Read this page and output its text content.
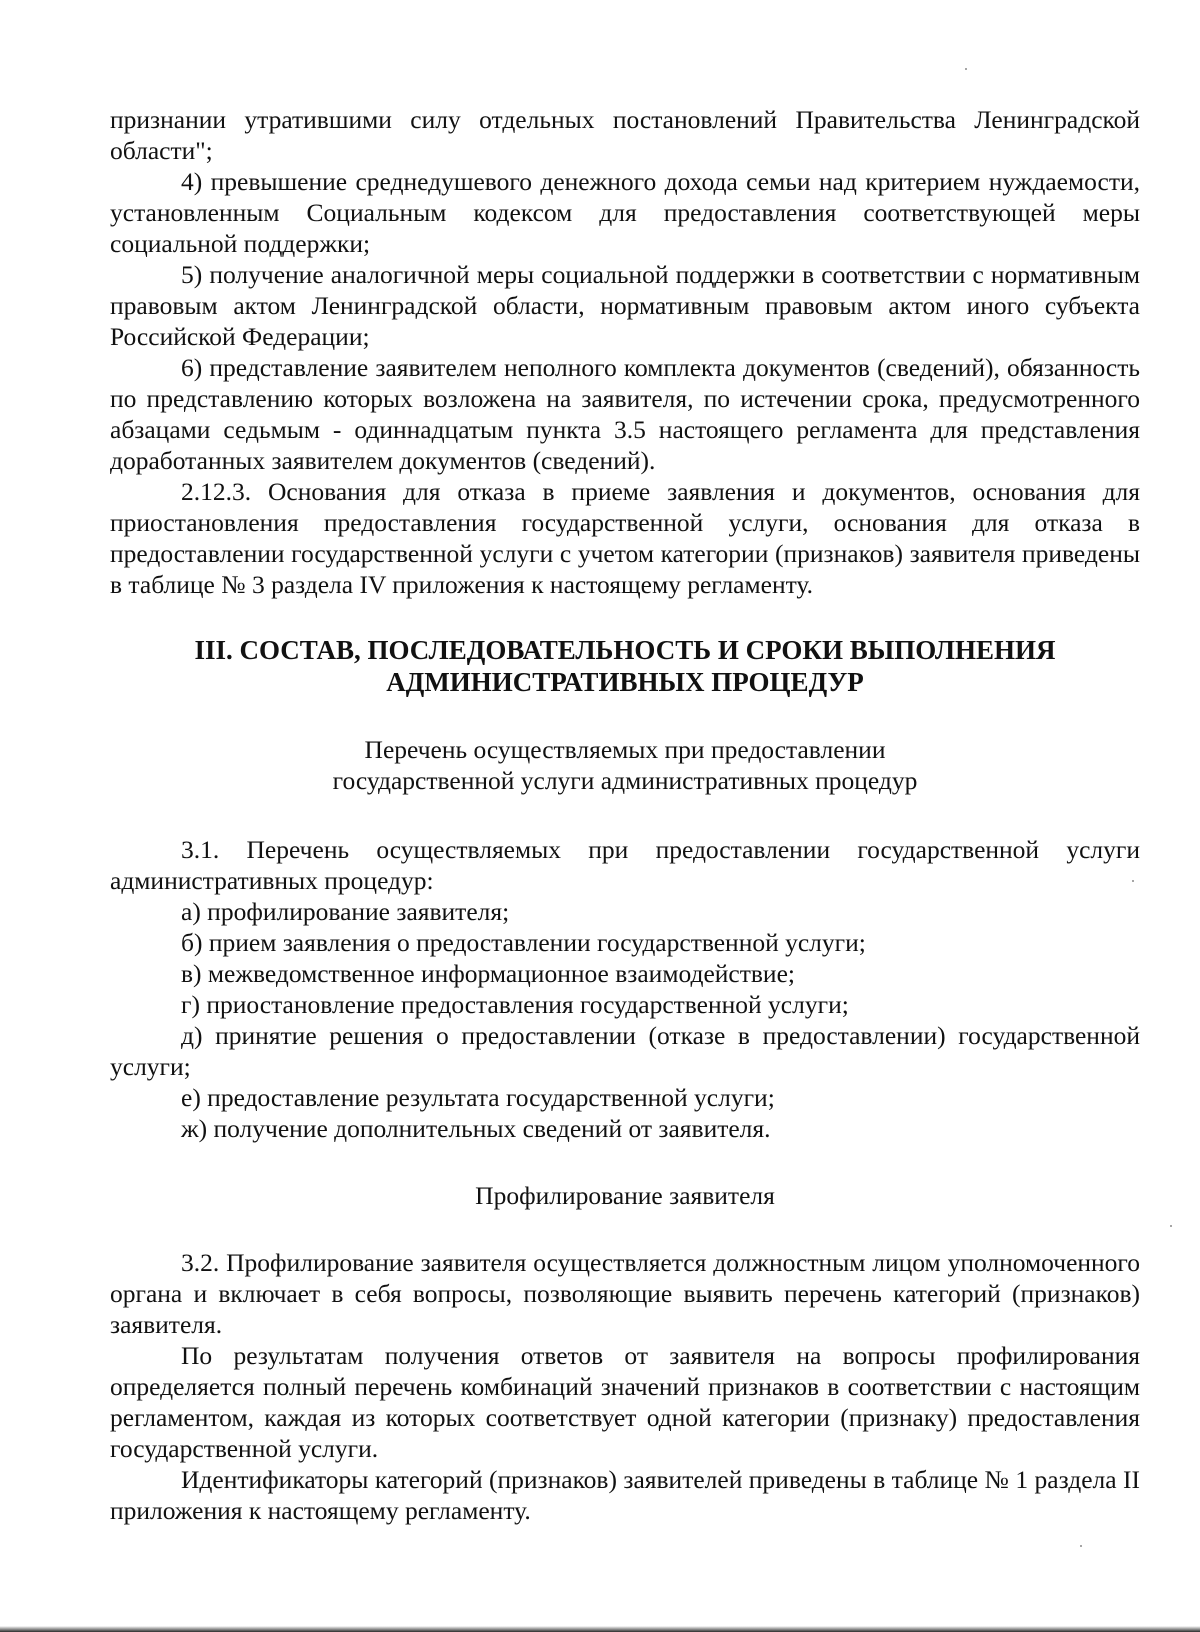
признании утратившими силу отдельных постановлений Правительства Ленинградской области";

4) превышение среднедушевого денежного дохода семьи над критерием нуждаемости, установленным Социальным кодексом для предоставления соответствующей меры социальной поддержки;

5) получение аналогичной меры социальной поддержки в соответствии с нормативным правовым актом Ленинградской области, нормативным правовым актом иного субъекта Российской Федерации;

6) представление заявителем неполного комплекта документов (сведений), обязанность по представлению которых возложена на заявителя, по истечении срока, предусмотренного абзацами седьмым - одиннадцатым пункта 3.5 настоящего регламента для представления доработанных заявителем документов (сведений).

2.12.3. Основания для отказа в приеме заявления и документов, основания для приостановления предоставления государственной услуги, основания для отказа в предоставлении государственной услуги с учетом категории (признаков) заявителя приведены в таблице № 3 раздела IV приложения к настоящему регламенту.

III. СОСТАВ, ПОСЛЕДОВАТЕЛЬНОСТЬ И СРОКИ ВЫПОЛНЕНИЯ
АДМИНИСТРАТИВНЫХ ПРОЦЕДУР
Перечень осуществляемых при предоставлении
государственной услуги административных процедур

3.1. Перечень осуществляемых при предоставлении государственной услуги административных процедур:

а) профилирование заявителя;

б) прием заявления о предоставлении государственной услуги;

в) межведомственное информационное взаимодействие;

г) приостановление предоставления государственной услуги;

д) принятие решения о предоставлении (отказе в предоставлении) государственной услуги;

е) предоставление результата государственной услуги;

ж) получение дополнительных сведений от заявителя.

Профилирование заявителя

3.2. Профилирование заявителя осуществляется должностным лицом уполномоченного органа и включает в себя вопросы, позволяющие выявить перечень категорий (признаков) заявителя.

По результатам получения ответов от заявителя на вопросы профилирования определяется полный перечень комбинаций значений признаков в соответствии с настоящим регламентом, каждая из которых соответствует одной категории (признаку) предоставления государственной услуги.

Идентификаторы категорий (признаков) заявителей приведены в таблице № 1 раздела II приложения к настоящему регламенту.
